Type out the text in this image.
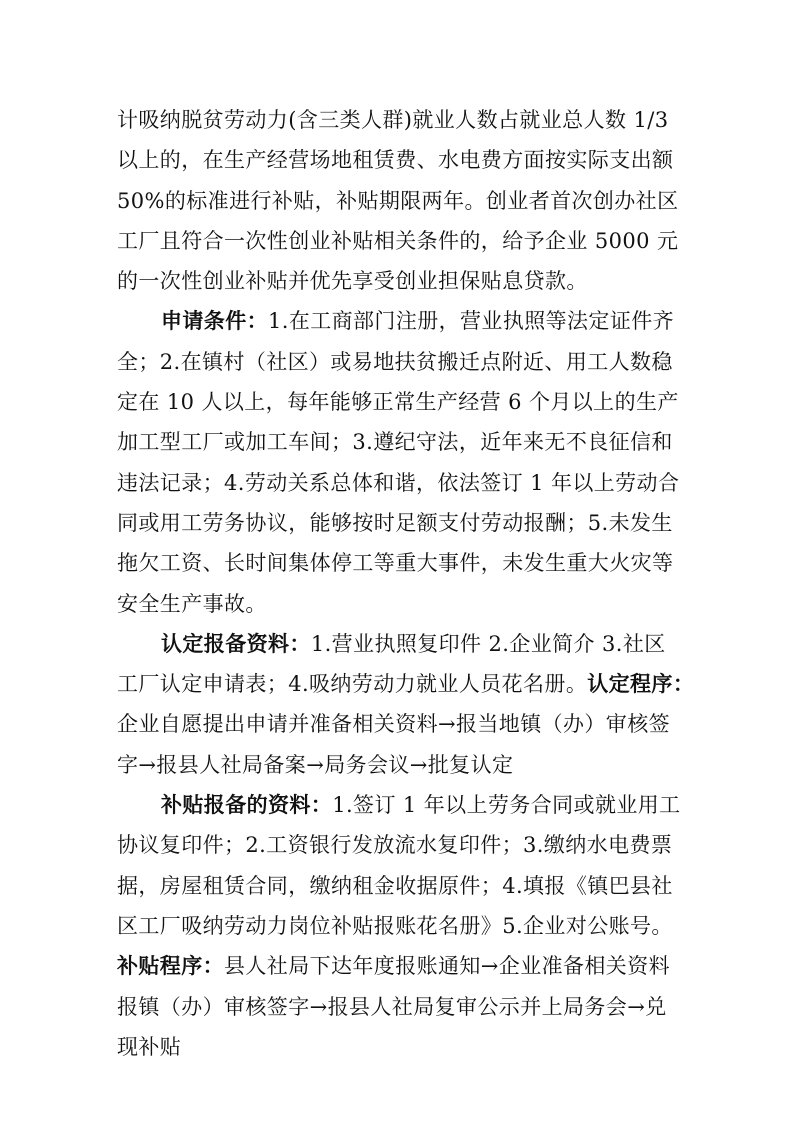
计吸纳脱贫劳动力(含三类人群)就业人数占就业总人数 1/3
以上的，在生产经营场地租赁费、水电费方面按实际支出额
50%的标准进行补贴，补贴期限两年。创业者首次创办社区
工厂且符合一次性创业补贴相关条件的，给予企业 5000 元
的一次性创业补贴并优先享受创业担保贴息贷款。
申请条件：1.在工商部门注册，营业执照等法定证件齐
全；2.在镇村（社区）或易地扶贫搬迁点附近、用工人数稳
定在 10 人以上，每年能够正常生产经营 6 个月以上的生产
加工型工厂或加工车间；3.遵纪守法，近年来无不良征信和
违法记录；4.劳动关系总体和谐，依法签订 1 年以上劳动合
同或用工劳务协议，能够按时足额支付劳动报酬；5.未发生
拖欠工资、长时间集体停工等重大事件，未发生重大火灾等
安全生产事故。
认定报备资料：1.营业执照复印件 2.企业简介 3.社区
工厂认定申请表；4.吸纳劳动力就业人员花名册。认定程序：
企业自愿提出申请并准备相关资料→报当地镇（办）审核签
字→报县人社局备案→局务会议→批复认定
补贴报备的资料：1.签订 1 年以上劳务合同或就业用工
协议复印件；2.工资银行发放流水复印件；3.缴纳水电费票
据，房屋租赁合同，缴纳租金收据原件；4.填报《镇巴县社
区工厂吸纳劳动力岗位补贴报账花名册》5.企业对公账号。
补贴程序：县人社局下达年度报账通知→企业准备相关资料
报镇（办）审核签字→报县人社局复审公示并上局务会→兑
现补贴
